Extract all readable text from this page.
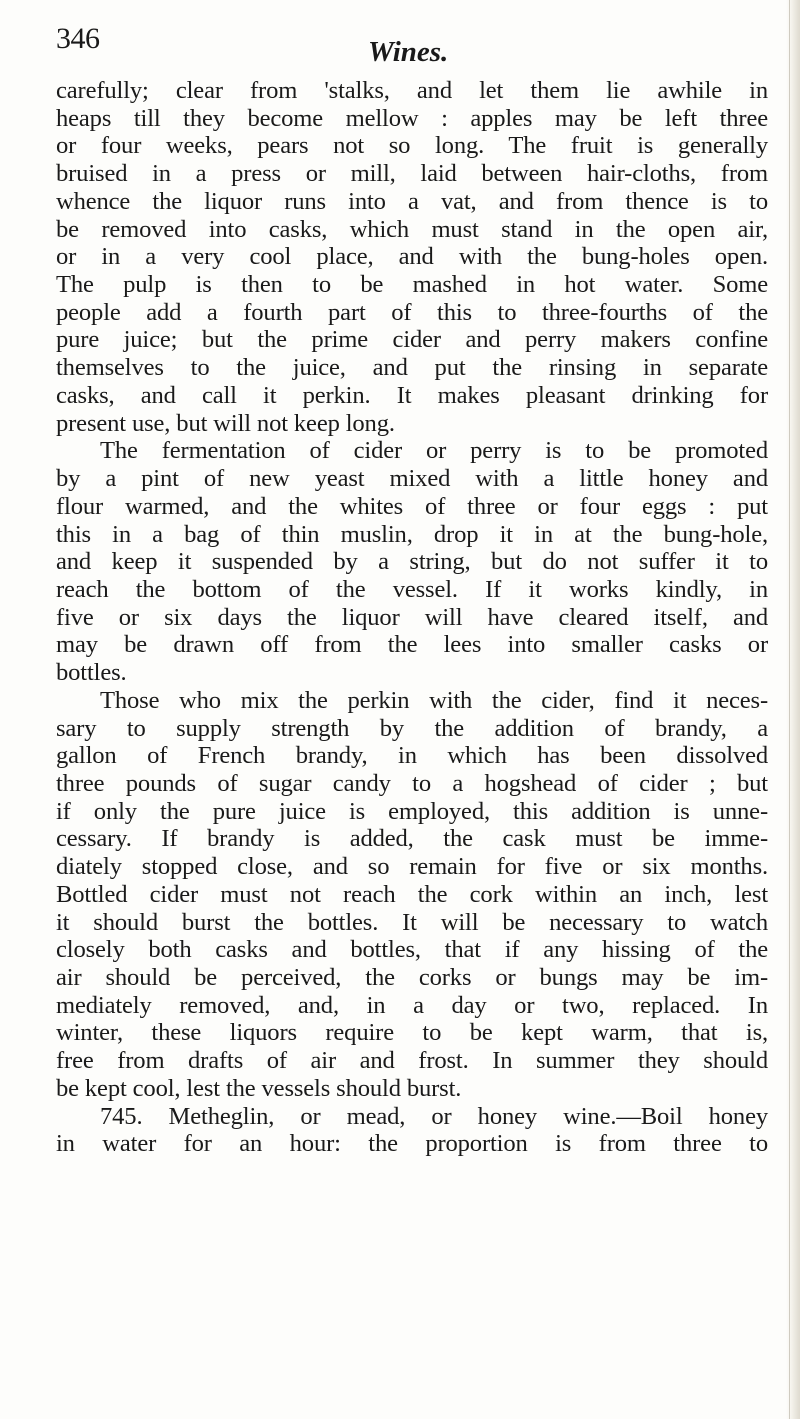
346	Wines.
carefully; clear from 'stalks, and let them lie awhile in
heaps till they become mellow : apples may be left three
or four weeks, pears not so long. The fruit is generally
bruised in a press or mill, laid between hair-cloths, from
whence the liquor runs into a vat, and from thence is to
be removed into casks, which must stand in the open air,
or in a very cool place, and with the bung-holes open.
The pulp is then to be mashed in hot water. Some
people add a fourth part of this to three-fourths of the
pure juice; but the prime cider and perry makers confine
themselves to the juice, and put the rinsing in separate
casks, and call it perkin. It makes pleasant drinking for
present use, but will not keep long.
The fermentation of cider or perry is to be promoted
by a pint of new yeast mixed with a little honey and
flour warmed, and the whites of three or four eggs : put
this in a bag of thin muslin, drop it in at the bung-hole,
and keep it suspended by a string, but do not suffer it to
reach the bottom of the vessel. If it works kindly, in
five or six days the liquor will have cleared itself, and
may be drawn off from the lees into smaller casks or
bottles.
Those who mix the perkin with the cider, find it neces-
sary to supply strength by the addition of brandy, a
gallon of French brandy, in which has been dissolved
three pounds of sugar candy to a hogshead of cider ; but
if only the pure juice is employed, this addition is unne-
cessary. If brandy is added, the cask must be imme-
diately stopped close, and so remain for five or six months.
Bottled cider must not reach the cork within an inch, lest
it should burst the bottles. It will be necessary to watch
closely both casks and bottles, that if any hissing of the
air should be perceived, the corks or bungs may be im-
mediately removed, and, in a day or two, replaced. In
winter, these liquors require to be kept warm, that is,
free from drafts of air and frost. In summer they should
be kept cool, lest the vessels should burst.
745. Metheglin, or mead, or honey wine.—Boil honey
in water for an hour: the proportion is from three to
